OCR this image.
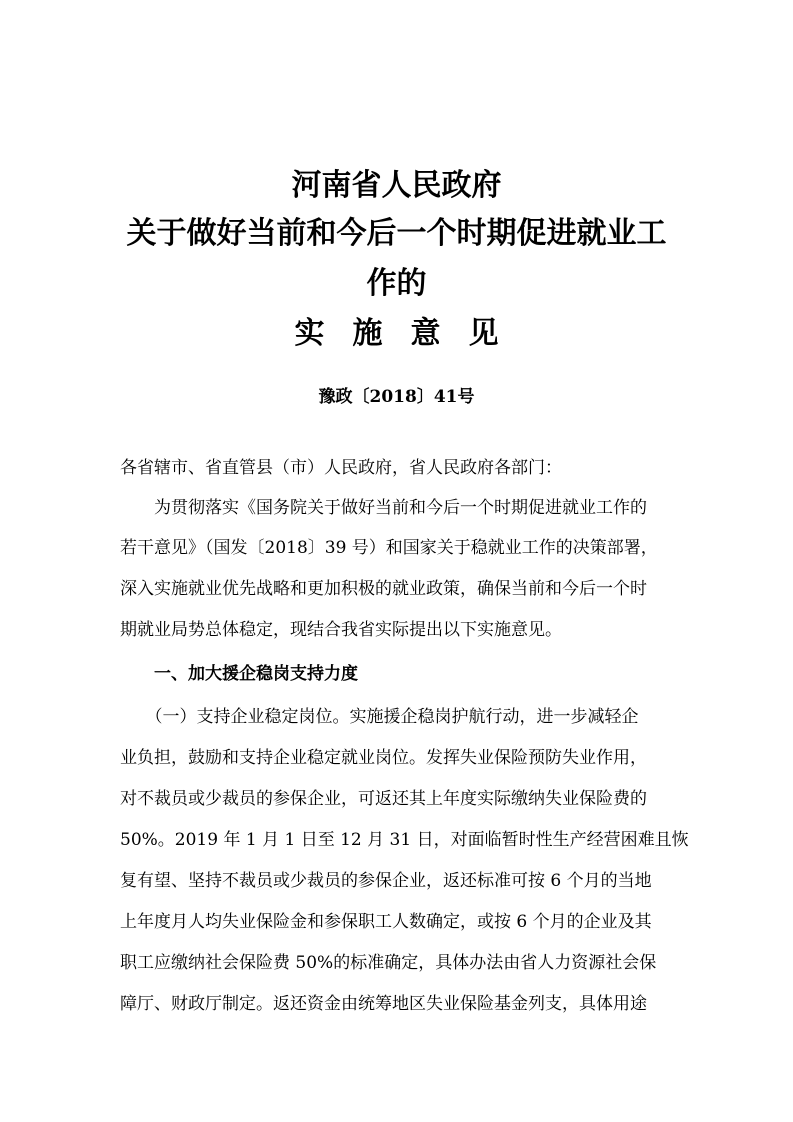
河南省人民政府
关于做好当前和今后一个时期促进就业工
作的
实施意见
豫政〔2018〕41号
各省辖市、省直管县（市）人民政府，省人民政府各部门：
　　为贯彻落实《国务院关于做好当前和今后一个时期促进就业工作的
若干意见》（国发〔2018〕39 号）和国家关于稳就业工作的决策部署，
深入实施就业优先战略和更加积极的就业政策，确保当前和今后一个时
期就业局势总体稳定，现结合我省实际提出以下实施意见。
　　一、加大援企稳岗支持力度
　　（一）支持企业稳定岗位。实施援企稳岗护航行动，进一步减轻企
业负担，鼓励和支持企业稳定就业岗位。发挥失业保险预防失业作用，
对不裁员或少裁员的参保企业，可返还其上年度实际缴纳失业保险费的
50%。2019 年 1 月 1 日至 12 月 31 日，对面临暂时性生产经营困难且恢
复有望、坚持不裁员或少裁员的参保企业，返还标准可按 6 个月的当地
上年度月人均失业保险金和参保职工人数确定，或按 6 个月的企业及其
职工应缴纳社会保险费 50%的标准确定，具体办法由省人力资源社会保
障厅、财政厅制定。返还资金由统筹地区失业保险基金列支，具体用途
